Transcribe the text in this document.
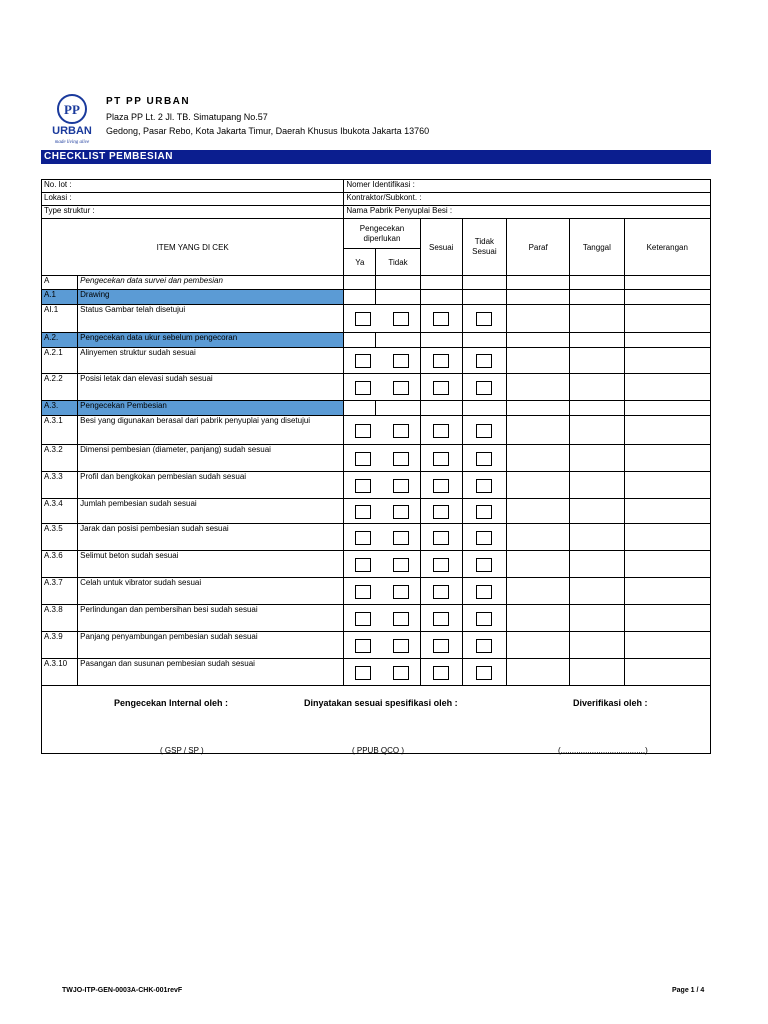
PP
URBAN
made living alive
PT PP URBAN
Plaza PP Lt. 2 Jl. TB. Simatupang No.57
Gedong, Pasar Rebo, Kota Jakarta Timur, Daerah Khusus Ibukota Jakarta 13760
CHECKLIST PEMBESIAN
No. lot :		Nomer Identifikasi :						
Lokasi :		Kontraktor/Subkont. :						
Type struktur :		Nama Pabrik Penyuplai Besi :						
ITEM YANG DI CEK		Pengecekan diperlukan		Sesuai	Tidak Sesuai	Paraf	Tanggal	Keterangan
		Ya	Tidak					
A	Pengecekan data survei dan pembesian							
A.1	Drawing							
AI.1	Status Gambar telah disetujui							
A.2.	Pengecekan data ukur sebelum pengecoran							
A.2.1	Alinyemen struktur sudah sesuai							
A.2.2	Posisi letak dan elevasi sudah sesuai							
A.3.	Pengecekan Pembesian							
A.3.1	Besi yang digunakan berasal dari pabrik penyuplai yang disetujui							
A.3.2	Dimensi pembesian (diameter, panjang) sudah sesuai							
A.3.3	Profil dan bengkokan pembesian sudah sesuai							
A.3.4	Jumlah pembesian sudah sesuai							
A.3.5	Jarak dan posisi pembesian sudah sesuai							
A.3.6	Selimut beton sudah sesuai							
A.3.7	Celah untuk vibrator sudah sesuai							
A.3.8	Perlindungan dan pembersihan besi sudah sesuai							
A.3.9	Panjang penyambungan pembesian sudah sesuai							
A.3.10	Pasangan dan susunan pembesian sudah sesuai							

Pengecekan Internal oleh :	Dinyatakan sesuai spesifikasi oleh :	Diverifikasi oleh :
( GSP / SP )	( PPUB QCO )	(......................................)
TWJO-ITP-GEN-0003A-CHK-001revF	Page 1 / 4
